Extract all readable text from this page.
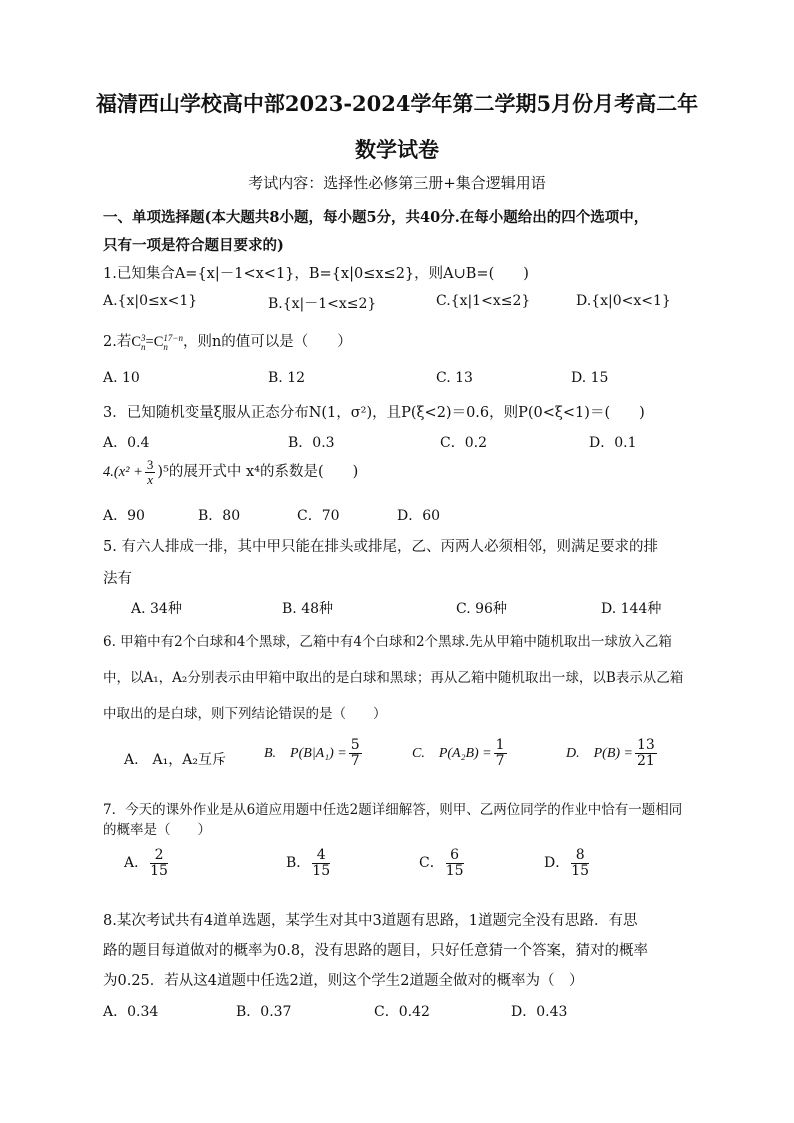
福清西山学校高中部2023-2024学年第二学期5月份月考高二年
数学试卷
考试内容：选择性必修第三册+集合逻辑用语
一、单项选择题(本大题共8小题，每小题5分，共40分.在每小题给出的四个选项中，
只有一项是符合题目要求的)
1.已知集合A={x|－1<x<1}，B={x|0≤x≤2}，则A∪B=(　　)
A.{x|0≤x<1}	B.{x|－1<x≤2}	C.{x|1<x≤2}	D.{x|0<x<1}
2.若C 3
n =C 17−n
n	，则n的值可以是（　　）
A. 10	B. 12	C. 13	D. 15
3．已知随机变量ξ服从正态分布N(1，σ²)，且P(ξ<2)＝0.6，则P(0<ξ<1)＝(　　)
A．0.4	B．0.3	C．0.2	D．0.1
$4.(x^2 + \frac{3}{x} )^5$的展开式中 x⁴的系数是(　　)
A．90	B．80	C．70	D．60
5. 有六人排成一排，其中甲只能在排头或排尾，乙、丙两人必须相邻，则满足要求的排
法有
A. 34种	B. 48种	C. 96种	D. 144种
6. 甲箱中有2个白球和4个黑球，乙箱中有4个白球和2个黑球.先从甲箱中随机取出一球放入乙箱
中，以A₁，A₂分别表示由甲箱中取出的是白球和黑球；再从乙箱中随机取出一球，以B表示从乙箱
中取出的是白球，则下列结论错误的是（　　）
A.　A₁，A₂互斥	B.　$P(B|A_1) = \frac{5}{7}$	C.　$P(A_2B) = \frac{1}{7}$	D.　$P(B) = \frac{13}{21}$
7．今天的课外作业是从6道应用题中任选2题详细解答，则甲、乙两位同学的作业中恰有一题相同
的概率是（　　）
A． $\frac{2}{15}$	B． $\frac{4}{15}$	C． $\frac{6}{15}$	D． $\frac{8}{15}$
8.某次考试共有4道单选题，某学生对其中3道题有思路，1道题完全没有思路．有思
路的题目每道做对的概率为0.8，没有思路的题目，只好任意猜一个答案，猜对的概率
为0.25．若从这4道题中任选2道，则这个学生2道题全做对的概率为（　）
A．0.34	B．0.37	C．0.42	D．0.43
